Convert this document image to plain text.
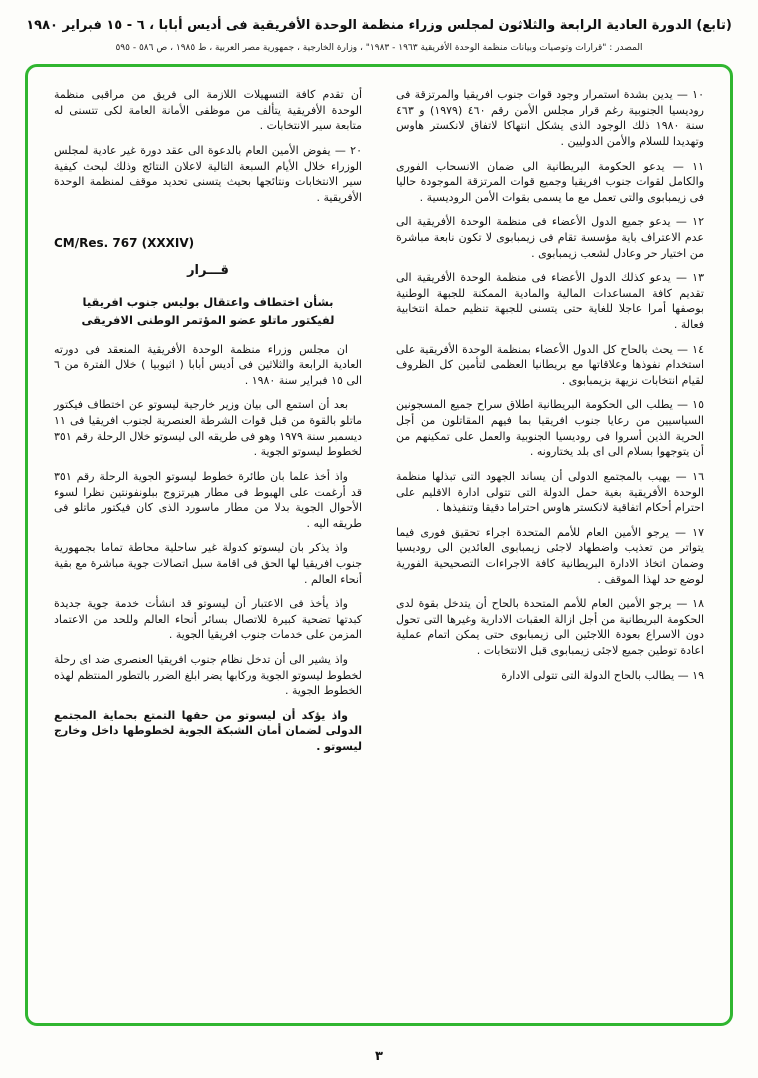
(تابع) الدورة العادية الرابعة والثلاثون لمجلس وزراء منظمة الوحدة الأفريقية فى أديس أبابا ، ٦ - ١٥ فبراير ١٩٨٠
المصدر : "قرارات وتوصيات وبيانات منظمة الوحدة الأفريقية ١٩٦٣ - ١٩٨٣" ، وزارة الخارجية ، جمهورية مصر العربية ، ط ١٩٨٥ ، ص ٥٨٦ - ٥٩٥

١٠ — يدين بشدة استمرار وجود قوات جنوب افريقيا والمرتزقة فى روديسيا الجنوبية رغم قرار مجلس الأمن رقم ٤٦٠ (١٩٧٩) و ٤٦٣ سنة ١٩٨٠ ذلك الوجود الذى يشكل انتهاكا لاتفاق لانكستر هاوس وتهديدا للسلام والأمن الدوليين .

١١ — يدعو الحكومة البريطانية الى ضمان الانسحاب الفورى والكامل لقوات جنوب افريقيا وجميع قوات المرتزقة الموجودة حاليا فى زيمبابوى والتى تعمل مع ما يسمى بقوات الأمن الروديسية .

١٢ — يدعو جميع الدول الأعضاء فى منظمة الوحدة الأفريقية الى عدم الاعتراف باية مؤسسة تقام فى زيمبابوى لا تكون نابعة مباشرة من اختيار حر وعادل لشعب زيمبابوى .

١٣ — يدعو كذلك الدول الأعضاء فى منظمة الوحدة الأفريقية الى تقديم كافة المساعدات المالية والمادية الممكنة للجبهة الوطنية بوصفها أمرا عاجلا للغاية حتى يتسنى للجبهة تنظيم حملة انتخابية فعالة .

١٤ — يحث بالحاح كل الدول الأعضاء بمنظمة الوحدة الأفريقية على استخدام نفوذها وعلاقاتها مع بريطانيا العظمى لتأمين كل الظروف لقيام انتخابات نزيهة بزيمبابوى .

١٥ — يطلب الى الحكومة البريطانية اطلاق سراح جميع المسجونين السياسيين من رعايا جنوب افريقيا بما فيهم المقاتلون من أجل الحرية الذين أسروا فى روديسيا الجنوبية والعمل على تمكينهم من أن يتوجهوا بسلام الى اى بلد يختارونه .

١٦ — يهيب بالمجتمع الدولى أن يساند الجهود التى تبذلها منظمة الوحدة الأفريقية بغية حمل الدولة التى تتولى ادارة الاقليم على احترام أحكام اتفاقية لانكستر هاوس احتراما دقيقا وتنفيذها .

١٧ — يرجو الأمين العام للأمم المتحدة اجراء تحقيق فورى فيما يتواتر من تعذيب واضطهاد لاجئى زيمبابوى العائدين الى روديسيا وضمان اتخاذ الادارة البريطانية كافة الاجراءات التصحيحية الفورية لوضع حد لهذا الموقف .

١٨ — يرجو الأمين العام للأمم المتحدة بالحاح أن يتدخل بقوة لدى الحكومة البريطانية من أجل ازالة العقبات الادارية وغيرها التى تحول دون الاسراع بعودة اللاجئين الى زيمبابوى حتى يمكن اتمام عملية اعادة توطين جميع لاجئى زيمبابوى قبل الانتخابات .

١٩ — يطالب بالحاح الدولة التى تتولى الادارة

أن تقدم كافة التسهيلات اللازمة الى فريق من مراقبى منظمة الوحدة الأفريقية يتألف من موظفى الأمانة العامة لكى تتسنى له متابعة سير الانتخابات .

٢٠ — يفوض الأمين العام بالدعوة الى عقد دورة غير عادية لمجلس الوزراء خلال الأيام السبعة التالية لاعلان النتائج وذلك لبحث كيفية سير الانتخابات ونتائجها بحيث يتسنى تحديد موقف لمنظمة الوحدة الأفريقية .

CM/Res. 767 (XXXIV)
قـــرار
بشأن اختطاف واعتقال بوليس جنوب افريقيا
لفيكتور ماتلو عضو المؤتمر الوطنى الافريقى

ان مجلس وزراء منظمة الوحدة الأفريقية المنعقد فى دورته العادية الرابعة والثلاثين فى أديس أبابا ( اثيوبيا ) خلال الفترة من ٦ الى ١٥ فبراير سنة ١٩٨٠ .

بعد أن استمع الى بيان وزير خارجية ليسوتو عن اختطاف فيكتور ماتلو بالقوة من قبل قوات الشرطة العنصرية لجنوب افريقيا فى ١١ ديسمبر سنة ١٩٧٩ وهو فى طريقه الى ليسوتو خلال الرحلة رقم ٣٥١ لخطوط ليسوتو الجوية .

واذ أخذ علما بان طائرة خطوط ليسوتو الجوية الرحلة رقم ٣٥١ قد أرغمت على الهبوط فى مطار هيرتزوج ببلونفونتين نظرا لسوء الأحوال الجوية بدلا من مطار ماسورد الذى كان فيكتور ماتلو فى طريقه اليه .

واذ يذكر بان ليسوتو كدولة غير ساحلية محاطة تماما بجمهورية جنوب افريقيا لها الحق فى اقامة سبل اتصالات جوية مباشرة مع بقية أنحاء العالم .

واذ يأخذ فى الاعتبار أن ليسوتو قد انشأت خدمة جوية جديدة كبدتها تضحية كبيرة للاتصال بسائر أنحاء العالم وللحد من الاعتماد المزمن على خدمات جنوب افريقيا الجوية .

واذ يشير الى أن تدخل نظام جنوب افريقيا العنصرى ضد اى رحلة لخطوط ليسوتو الجوية وركابها يضر ابلغ الضرر بالتطور المنتظم لهذه الخطوط الجوية .

واذ يؤكد أن ليسوتو من حقها التمتع بحماية المجتمع الدولى لضمان أمان الشبكة الجوية لخطوطها داخل وخارج ليسوتو .

٣
